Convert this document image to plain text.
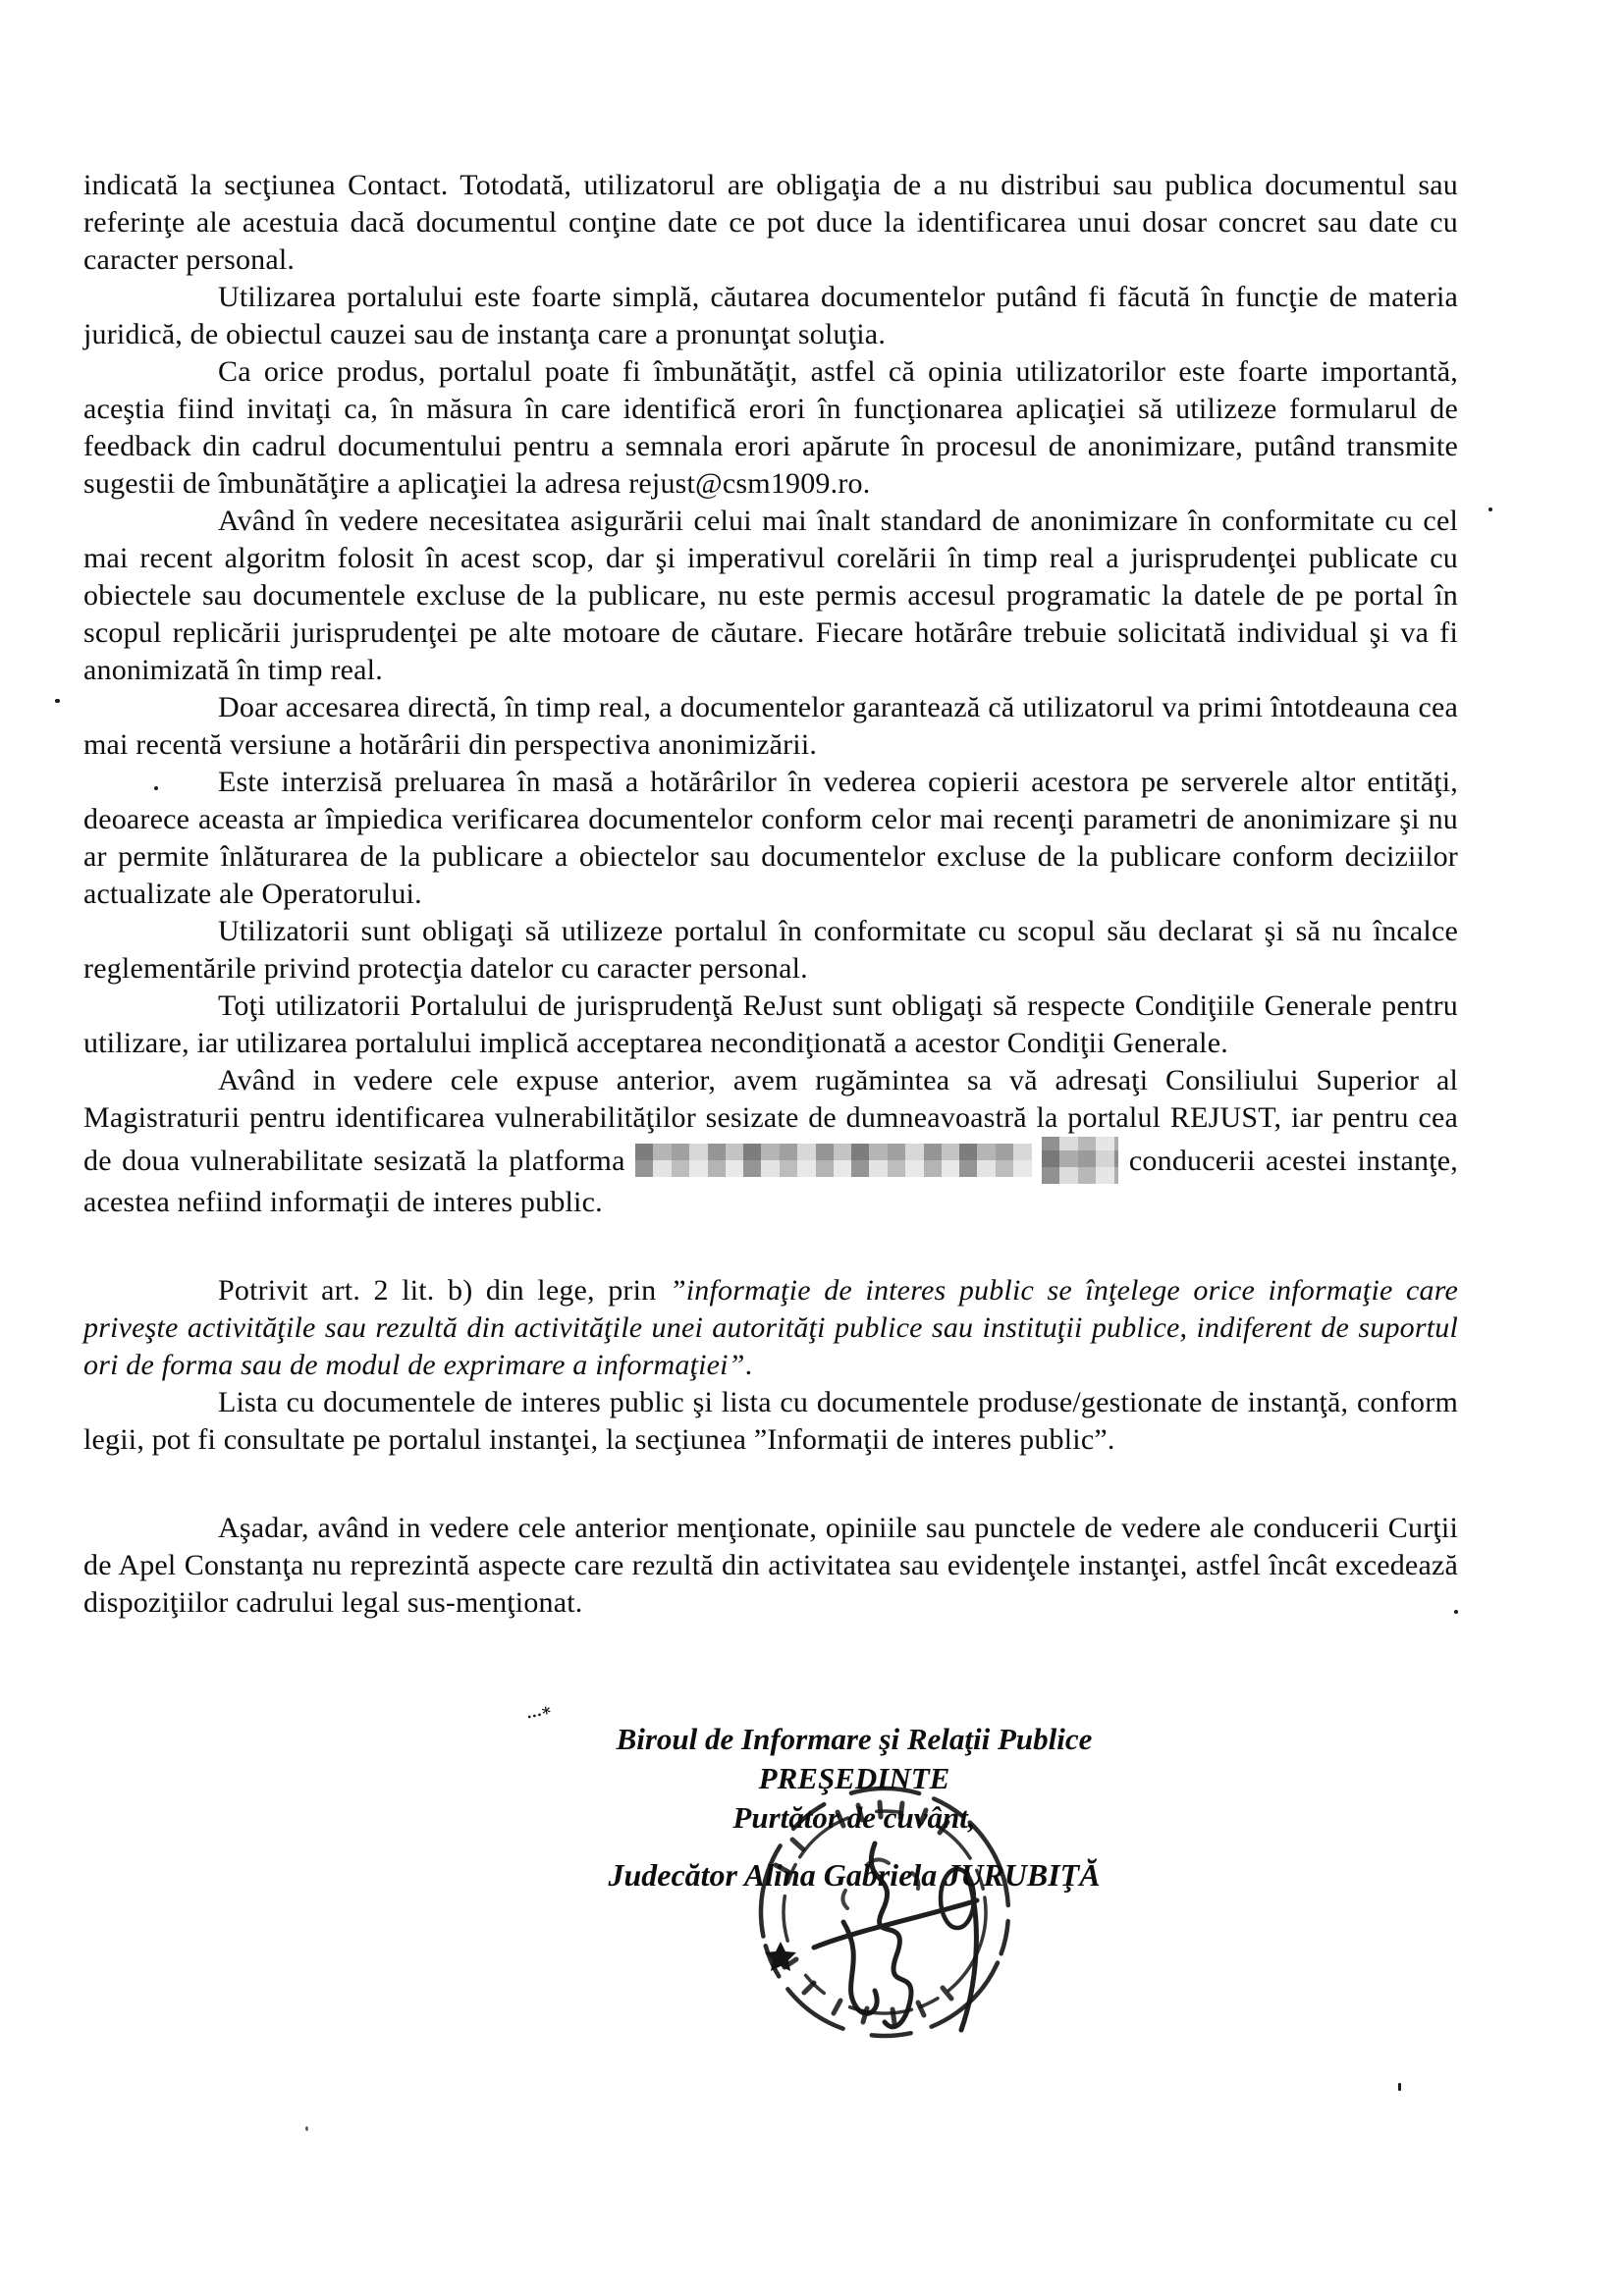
indicată la secţiunea Contact. Totodată, utilizatorul are obligaţia de a nu distribui sau publica documentul sau referinţe ale acestuia dacă documentul conţine date ce pot duce la identificarea unui dosar concret sau date cu caracter personal.

Utilizarea portalului este foarte simplă, căutarea documentelor putând fi făcută în funcţie de materia juridică, de obiectul cauzei sau de instanţa care a pronunţat soluţia.

Ca orice produs, portalul poate fi îmbunătăţit, astfel că opinia utilizatorilor este foarte importantă, aceştia fiind invitaţi ca, în măsura în care identifică erori în funcţionarea aplicaţiei să utilizeze formularul de feedback din cadrul documentului pentru a semnala erori apărute în procesul de anonimizare, putând transmite sugestii de îmbunătăţire a aplicaţiei la adresa rejust@csm1909.ro.

Având în vedere necesitatea asigurării celui mai înalt standard de anonimizare în conformitate cu cel mai recent algoritm folosit în acest scop, dar şi imperativul corelării în timp real a jurisprudenţei publicate cu obiectele sau documentele excluse de la publicare, nu este permis accesul programatic la datele de pe portal în scopul replicării jurisprudenţei pe alte motoare de căutare. Fiecare hotărâre trebuie solicitată individual şi va fi anonimizată în timp real.

Doar accesarea directă, în timp real, a documentelor garantează că utilizatorul va primi întotdeauna cea mai recentă versiune a hotărârii din perspectiva anonimizării.

Este interzisă preluarea în masă a hotărârilor în vederea copierii acestora pe serverele altor entităţi, deoarece aceasta ar împiedica verificarea documentelor conform celor mai recenţi parametri de anonimizare şi nu ar permite înlăturarea de la publicare a obiectelor sau documentelor excluse de la publicare conform deciziilor actualizate ale Operatorului.

Utilizatorii sunt obligaţi să utilizeze portalul în conformitate cu scopul său declarat şi să nu încalce reglementările privind protecţia datelor cu caracter personal.

Toţi utilizatorii Portalului de jurisprudenţă ReJust sunt obligaţi să respecte Condiţiile Generale pentru utilizare, iar utilizarea portalului implică acceptarea necondiţionată a acestor Condiţii Generale.

Având in vedere cele expuse anterior, avem rugămintea sa vă adresaţi Consiliului Superior al Magistraturii pentru identificarea vulnerabilităţilor sesizate de dumneavoastră la portalul REJUST, iar pentru cea de doua vulnerabilitate sesizată la platforma	conducerii acestei instanţe, acestea nefiind informaţii de interes public.

Potrivit art. 2 lit. b) din lege, prin ”informaţie de interes public se înţelege orice informaţie care priveşte activităţile sau rezultă din activităţile unei autorităţi publice sau instituţii publice, indiferent de suportul ori de forma sau de modul de exprimare a informaţiei”.

Lista cu documentele de interes public şi lista cu documentele produse/gestionate de instanţă, conform legii, pot fi consultate pe portalul instanţei, la secţiunea ”Informaţii de interes public”.

Aşadar, având in vedere cele anterior menţionate, opiniile sau punctele de vedere ale conducerii Curţii de Apel Constanţa nu reprezintă aspecte care rezultă din activitatea sau evidenţele instanţei, astfel încât excedează dispoziţiilor cadrului legal sus-menţionat.

...⁎
Biroul de Informare şi Relaţii Publice
PREŞEDINTE
Purtător de cuvânt,
Judecător Alina Gabriela JURUBIŢĂ
